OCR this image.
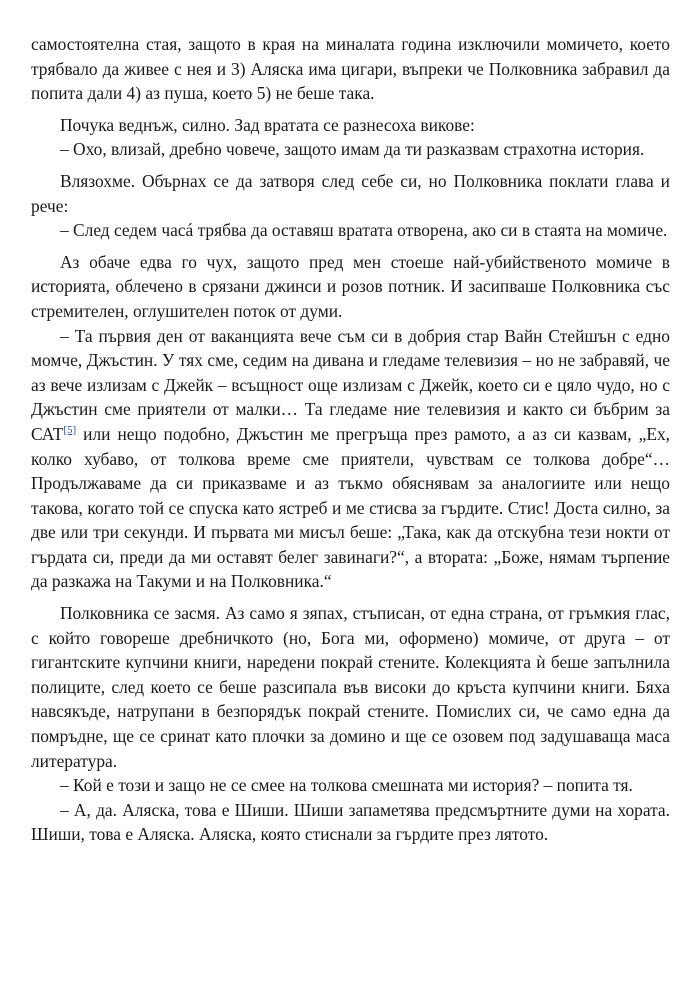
самостоятелна стая, защото в края на миналата година изключили момичето, което трябвало да живее с нея и 3) Аляска има цигари, въпреки че Полковника забравил да попита дали 4) аз пуша, което 5) не беше така.

Почука веднъж, силно. Зад вратата се разнесоха викове:

– Охо, влизай, дребно човече, защото имам да ти разказвам страхотна история.

Влязохме. Обърнах се да затворя след себе си, но Полковника поклати глава и рече:

– След седем часá трябва да оставяш вратата отворена, ако си в стаята на момиче.

Аз обаче едва го чух, защото пред мен стоеше най-убийственото момиче в историята, облечено в срязани джинси и розов потник. И засипваше Полковника със стремителен, оглушителен поток от думи.

– Та първия ден от ваканцията вече съм си в добрия стар Вайн Стейшън с едно момче, Джъстин. У тях сме, седим на дивана и гледаме телевизия – но не забравяй, че аз вече излизам с Джейк – всъщност още излизам с Джейк, което си е цяло чудо, но с Джъстин сме приятели от малки… Та гледаме ние телевизия и както си бъбрим за САТ[5] или нещо подобно, Джъстин ме прегръща през рамото, а аз си казвам, „Ех, колко хубаво, от толкова време сме приятели, чувствам се толкова добре“… Продължаваме да си приказваме и аз тъкмо обяснявам за аналогиите или нещо такова, когато той се спуска като ястреб и ме стисва за гърдите. Стис! Доста силно, за две или три секунди. И първата ми мисъл беше: „Така, как да отскубна тези нокти от гърдата си, преди да ми оставят белег завинаги?“, а втората: „Боже, нямам търпение да разкажа на Такуми и на Полковника.“

Полковника се засмя. Аз само я зяпах, стъписан, от една страна, от гръмкия глас, с който говореше дребничкото (но, Бога ми, оформено) момиче, от друга – от гигантските купчини книги, наредени покрай стените. Колекцията ѝ беше запълнила полиците, след което се беше разсипала във високи до кръста купчини книги. Бяха навсякъде, натрупани в безпорядък покрай стените. Помислих си, че само една да помръдне, ще се сринат като плочки за домино и ще се озовем под задушаваща маса литература.

– Кой е този и защо не се смее на толкова смешната ми история? – попита тя.

– А, да. Аляска, това е Шиши. Шиши запаметява предсмъртните думи на хората. Шиши, това е Аляска. Аляска, която стиснали за гърдите през лятото.
